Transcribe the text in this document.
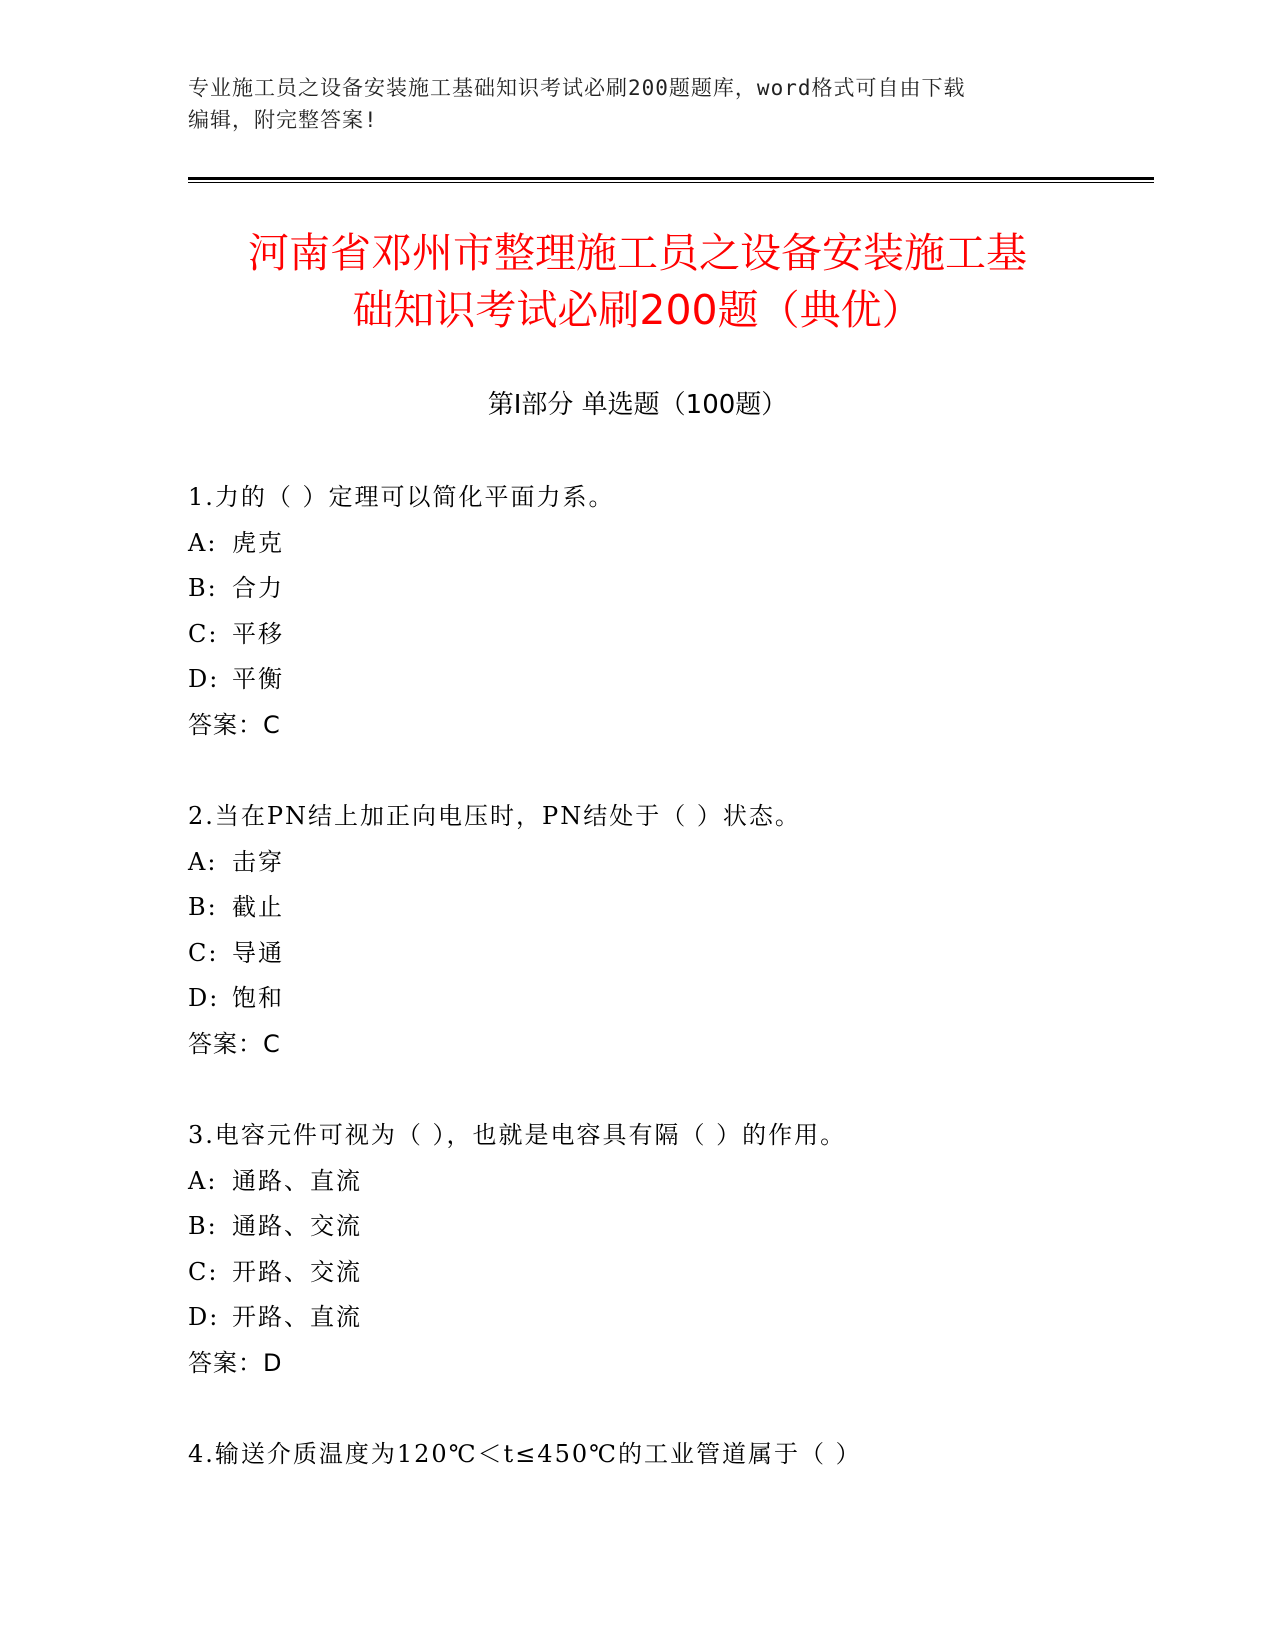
专业施工员之设备安装施工基础知识考试必刷200题题库，word格式可自由下载
编辑，附完整答案!
河南省邓州市整理施工员之设备安装施工基
础知识考试必刷200题（典优）
第Ⅰ部分 单选题（100题）
1.力的（ ）定理可以简化平面力系。
A: 虎克
B: 合力
C: 平移
D: 平衡
答案：C
2.当在PN结上加正向电压时，PN结处于（ ）状态。
A: 击穿
B: 截止
C: 导通
D: 饱和
答案：C
3.电容元件可视为（ ），也就是电容具有隔（ ）的作用。
A: 通路、直流
B: 通路、交流
C: 开路、交流
D: 开路、直流
答案：D
4.输送介质温度为120℃＜t≤450℃的工业管道属于（ ）
